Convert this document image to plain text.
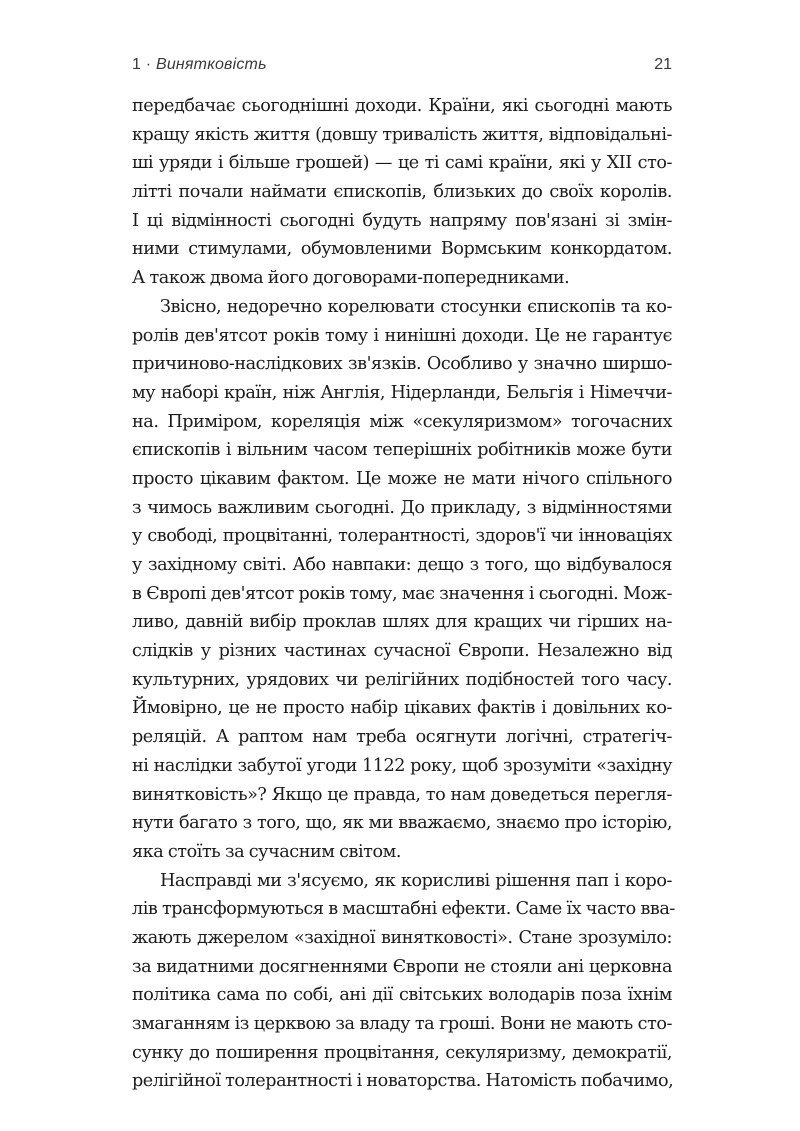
1 · Винятковість	21
передбачає сьогоднішні доходи. Країни, які сьогодні мають
кращу якість життя (довшу тривалість життя, відповідальні-
ші уряди і більше грошей) — це ті самі країни, які у XII сто-
літті почали наймати єпископів, близьких до своїх королів.
І ці відмінності сьогодні будуть напряму пов'язані зі змін-
ними стимулами, обумовленими Вормським конкордатом.
А також двома його договорами-попередниками.
Звісно, недоречно корелювати стосунки єпископів та ко-
ролів дев'ятсот років тому і нинішні доходи. Це не гарантує
причиново-наслідкових зв'язків. Особливо у значно ширшо-
му наборі країн, ніж Англія, Нідерланди, Бельгія і Німеччи-
на. Приміром, кореляція між «секуляризмом» тогочасних
єпископів і вільним часом теперішніх робітників може бути
просто цікавим фактом. Це може не мати нічого спільного
з чимось важливим сьогодні. До прикладу, з відмінностями
у свободі, процвітанні, толерантності, здоров'ї чи інноваціях
у західному світі. Або навпаки: дещо з того, що відбувалося
в Європі дев'ятсот років тому, має значення і сьогодні. Мож-
ливо, давній вибір проклав шлях для кращих чи гірших на-
слідків у різних частинах сучасної Європи. Незалежно від
культурних, урядових чи релігійних подібностей того часу.
Ймовірно, це не просто набір цікавих фактів і довільних ко-
реляцій. А раптом нам треба осягнути логічні, стратегіч-
ні наслідки забутої угоди 1122 року, щоб зрозуміти «західну
винятковість»? Якщо це правда, то нам доведеться перегля-
нути багато з того, що, як ми вважаємо, знаємо про історію,
яка стоїть за сучасним світом.
Насправді ми з'ясуємо, як корисливі рішення пап і коро-
лів трансформуються в масштабні ефекти. Саме їх часто вва-
жають джерелом «західної винятковості». Стане зрозуміло:
за видатними досягненнями Європи не стояли ані церковна
політика сама по собі, ані дії світських володарів поза їхнім
змаганням із церквою за владу та гроші. Вони не мають сто-
сунку до поширення процвітання, секуляризму, демократії,
релігійної толерантності і новаторства. Натомість побачимо,
